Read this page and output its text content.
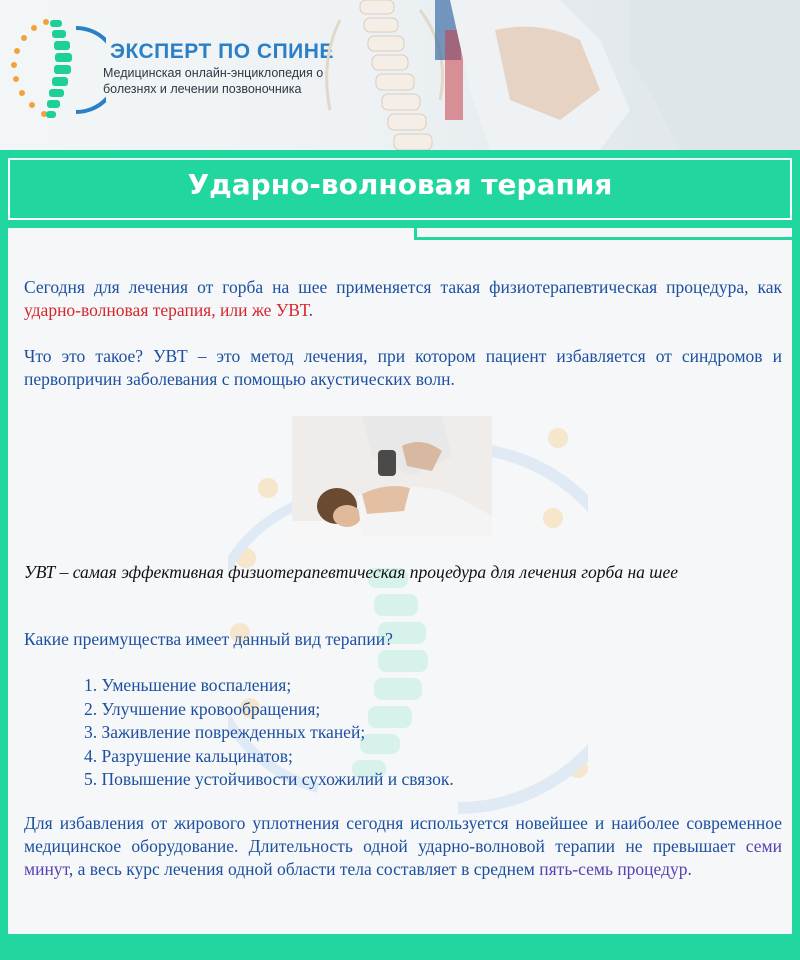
ЭКСПЕРТ ПО СПИНЕ
Медицинская онлайн-энциклопедия о болезнях и лечении позвоночника
Ударно-волновая терапия
Сегодня для лечения от горба на шее применяется такая физиотерапевтическая процедура, как ударно-волновая терапия, или же УВТ.
Что это такое? УВТ – это метод лечения, при котором пациент избавляется от синдромов и первопричин заболевания с помощью акустических волн.
УВТ – самая эффективная физиотерапевтическая процедура для лечения горба на шее
Какие преимущества имеет данный вид терапии?
1. Уменьшение воспаления;
2. Улучшение кровообращения;
3. Заживление поврежденных тканей;
4. Разрушение кальцинатов;
5. Повышение устойчивости сухожилий и связок.
Для избавления от жирового уплотнения сегодня используется новейшее и наиболее современное медицинское оборудование. Длительность одной ударно-волновой терапии не превышает семи минут, а весь курс лечения одной области тела составляет в среднем пять-семь процедур.
